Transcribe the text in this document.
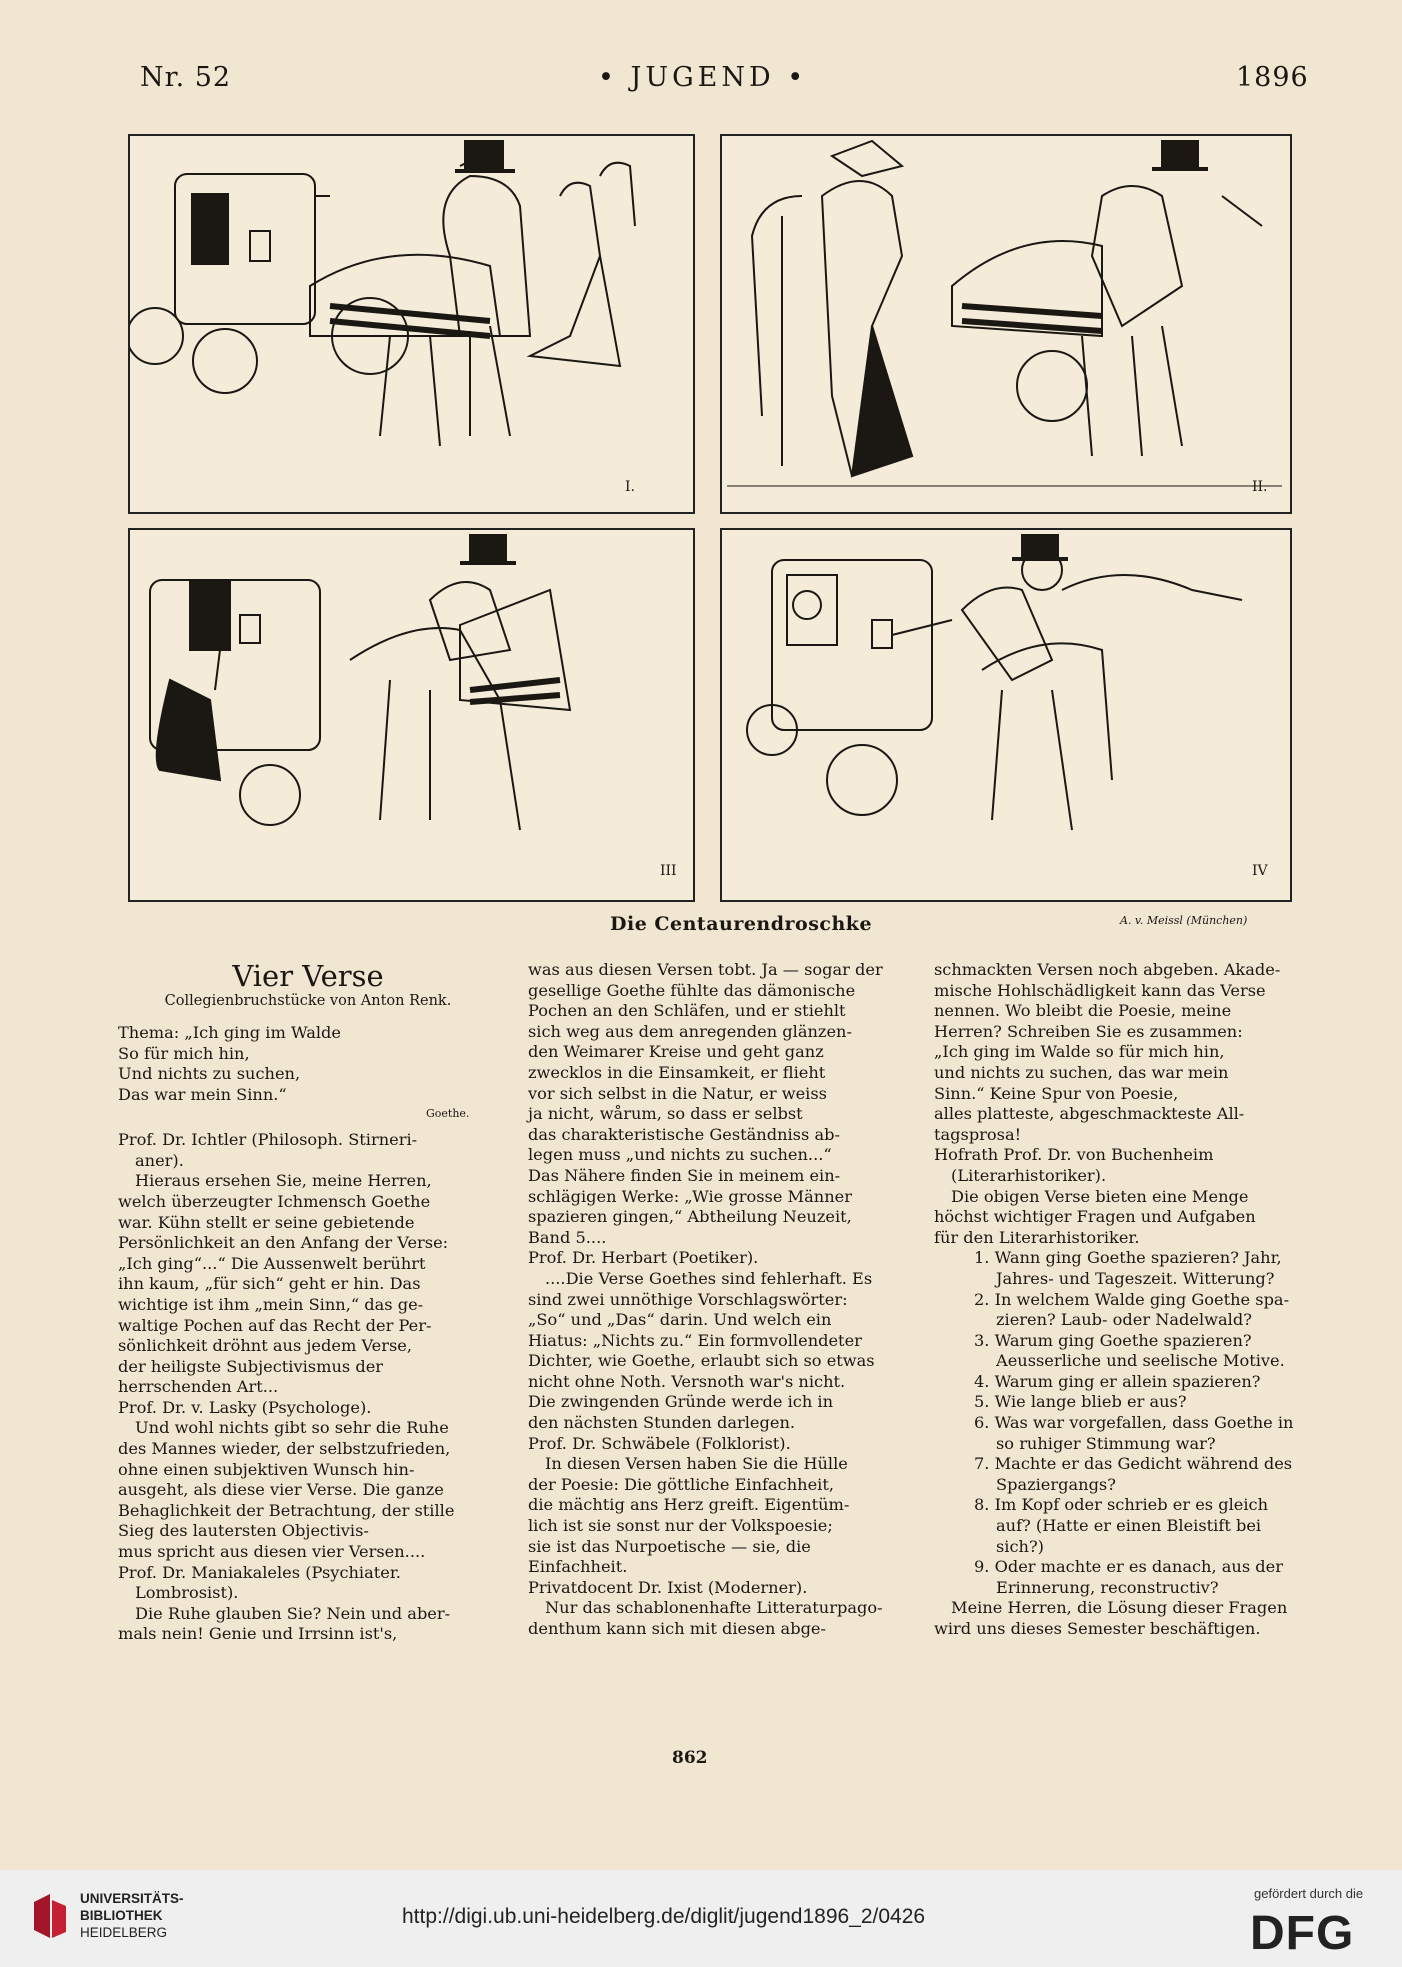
Nr. 52	• JUGEND •	1896
I.	II.
III	IV
Die Centaurendroschke	A. v. Meissl (München)

Vier Verse

Collegienbruchstücke von Anton Renk.

Thema: „Ich ging im Walde

So für mich hin,

Und nichts zu suchen,

Das war mein Sinn.“

Goethe.

Prof. Dr. Ichtler (Philosoph. Stirneri-

aner).

Hieraus ersehen Sie, meine Herren,

welch überzeugter Ichmensch Goethe

war. Kühn stellt er seine gebietende

Persönlichkeit an den Anfang der Verse:

„Ich ging“...“ Die Aussenwelt berührt

ihn kaum, „für sich“ geht er hin. Das

wichtige ist ihm „mein Sinn,“ das ge-

waltige Pochen auf das Recht der Per-

sönlichkeit dröhnt aus jedem Verse,

der heiligste Subjectivismus der

herrschenden Art...

Prof. Dr. v. Lasky (Psychologe).

Und wohl nichts gibt so sehr die Ruhe

des Mannes wieder, der selbstzufrieden,

ohne einen subjektiven Wunsch hin-

ausgeht, als diese vier Verse. Die ganze

Behaglichkeit der Betrachtung, der stille

Sieg des lautersten Objectivis-

mus spricht aus diesen vier Versen....

Prof. Dr. Maniakaleles (Psychiater.

Lombrosist).

Die Ruhe glauben Sie? Nein und aber-

mals nein! Genie und Irrsinn ist's,

was aus diesen Versen tobt. Ja — sogar der

gesellige Goethe fühlte das dämonische

Pochen an den Schläfen, und er stiehlt

sich weg aus dem anregenden glänzen-

den Weimarer Kreise und geht ganz

zwecklos in die Einsamkeit, er flieht

vor sich selbst in die Natur, er weiss

ja nicht, wårum, so dass er selbst

das charakteristische Geständniss ab-

legen muss „und nichts zu suchen...“

Das Nähere finden Sie in meinem ein-

schlägigen Werke: „Wie grosse Männer

spazieren gingen,“ Abtheilung Neuzeit,

Band 5....

Prof. Dr. Herbart (Poetiker).

....Die Verse Goethes sind fehlerhaft. Es

sind zwei unnöthige Vorschlagswörter:

„So“ und „Das“ darin. Und welch ein

Hiatus: „Nichts zu.“ Ein formvollendeter

Dichter, wie Goethe, erlaubt sich so etwas

nicht ohne Noth. Versnoth war's nicht.

Die zwingenden Gründe werde ich in

den nächsten Stunden darlegen.

Prof. Dr. Schwäbele (Folklorist).

In diesen Versen haben Sie die Hülle

der Poesie: Die göttliche Einfachheit,

die mächtig ans Herz greift. Eigentüm-

lich ist sie sonst nur der Volkspoesie;

sie ist das Nurpoetische — sie, die

Einfachheit.

Privatdocent Dr. Ixist (Moderner).

Nur das schablonenhafte Litteraturpago-

denthum kann sich mit diesen abge-

schmackten Versen noch abgeben. Akade-

mische Hohlschädligkeit kann das Verse

nennen. Wo bleibt die Poesie, meine

Herren? Schreiben Sie es zusammen:

„Ich ging im Walde so für mich hin,

und nichts zu suchen, das war mein

Sinn.“ Keine Spur von Poesie,

alles platteste, abgeschmackteste All-

tagsprosa!

Hofrath Prof. Dr. von Buchenheim

(Literarhistoriker).

Die obigen Verse bieten eine Menge

höchst wichtiger Fragen und Aufgaben

für den Literarhistoriker.

1. Wann ging Goethe spazieren? Jahr,

Jahres- und Tageszeit. Witterung?

2. In welchem Walde ging Goethe spa-

zieren? Laub- oder Nadelwald?

3. Warum ging Goethe spazieren?

Aeusserliche und seelische Motive.

4. Warum ging er allein spazieren?

5. Wie lange blieb er aus?

6. Was war vorgefallen, dass Goethe in

so ruhiger Stimmung war?

7. Machte er das Gedicht während des

Spaziergangs?

8. Im Kopf oder schrieb er es gleich

auf? (Hatte er einen Bleistift bei

sich?)

9. Oder machte er es danach, aus der

Erinnerung, reconstructiv?

Meine Herren, die Lösung dieser Fragen

wird uns dieses Semester beschäftigen.

862
UNIVERSITÄTS-
BIBLIOTHEK
HEIDELBERG
http://digi.ub.uni-heidelberg.de/diglit/jugend1896_2/0426
gefördert durch die
DFG
